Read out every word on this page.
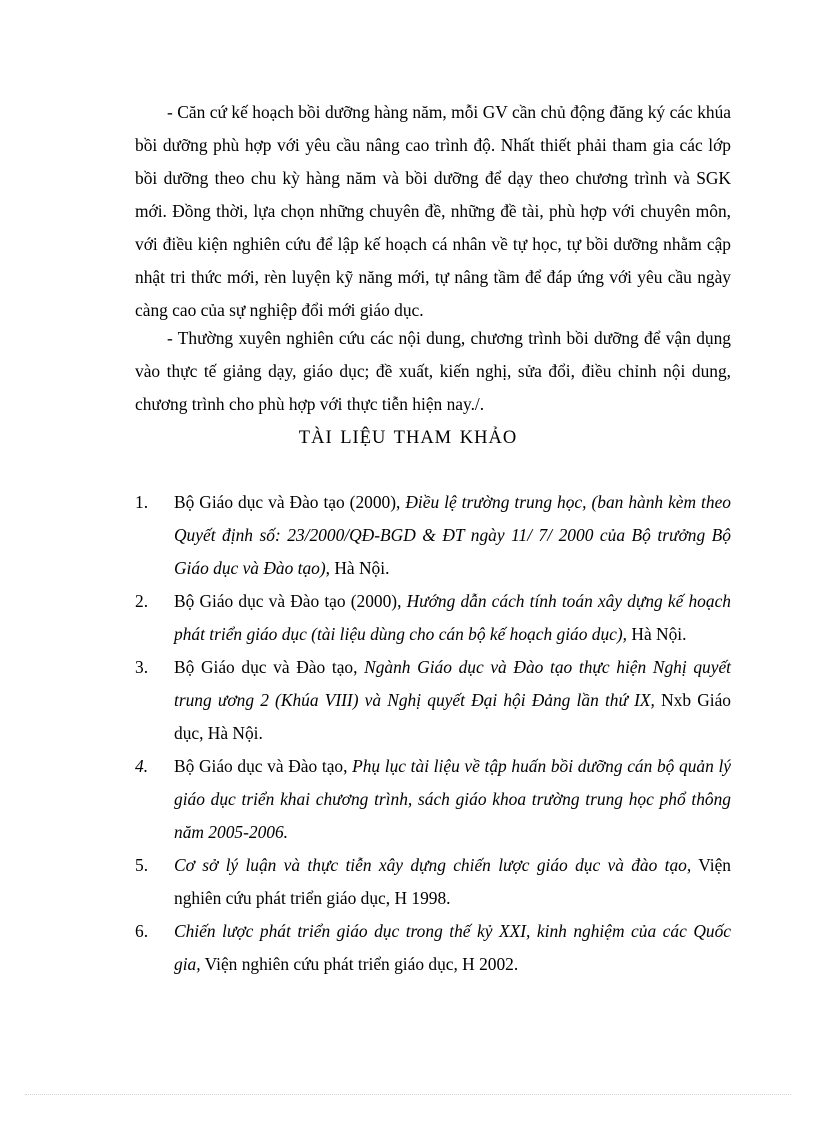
- Căn cứ kế hoạch bồi dưỡng hàng năm, mỗi GV cần chủ động đăng ký các khúa bồi dưỡng phù hợp với yêu cầu nâng cao trình độ. Nhất thiết phải tham gia các lớp bồi dưỡng theo chu kỳ hàng năm và bồi dưỡng để dạy theo chương trình và SGK mới. Đồng thời, lựa chọn những chuyên đề, những đề tài, phù hợp với chuyên môn, với điều kiện nghiên cứu để lập kế hoạch cá nhân về tự học, tự bồi dưỡng nhằm cập nhật tri thức mới, rèn luyện kỹ năng mới, tự nâng tầm để đáp ứng với yêu cầu ngày càng cao của sự nghiệp đổi mới giáo dục.

- Thường xuyên nghiên cứu các nội dung, chương trình bồi dưỡng để vận dụng vào thực tế giảng dạy, giáo dục; đề xuất, kiến nghị, sửa đổi, điều chỉnh nội dung, chương trình cho phù hợp với thực tiễn hiện nay./.

TÀI LIỆU THAM KHẢO
1. Bộ Giáo dục và Đào tạo (2000), Điều lệ trường trung học, (ban hành kèm theo Quyết định số: 23/2000/QĐ-BGD & ĐT ngày 11/ 7/ 2000 của Bộ trưởng Bộ Giáo dục và Đào tạo), Hà Nội.
2. Bộ Giáo dục và Đào tạo (2000), Hướng dẫn cách tính toán xây dựng kế hoạch phát triển giáo dục (tài liệu dùng cho cán bộ kế hoạch giáo dục), Hà Nội.
3. Bộ Giáo dục và Đào tạo, Ngành Giáo dục và Đào tạo thực hiện Nghị quyết trung ương 2 (Khúa VIII) và Nghị quyết Đại hội Đảng lần thứ IX, Nxb Giáo dục, Hà Nội.
4. Bộ Giáo dục và Đào tạo, Phụ lục tài liệu về tập huấn bồi dưỡng cán bộ quản lý giáo dục triển khai chương trình, sách giáo khoa trường trung học phổ thông năm 2005-2006.
5. Cơ sở lý luận và thực tiễn xây dựng chiến lược giáo dục và đào tạo, Viện nghiên cứu phát triển giáo dục, H 1998.
6. Chiến lược phát triển giáo dục trong thế kỷ XXI, kinh nghiệm của các Quốc gia, Viện nghiên cứu phát triển giáo dục, H 2002.
